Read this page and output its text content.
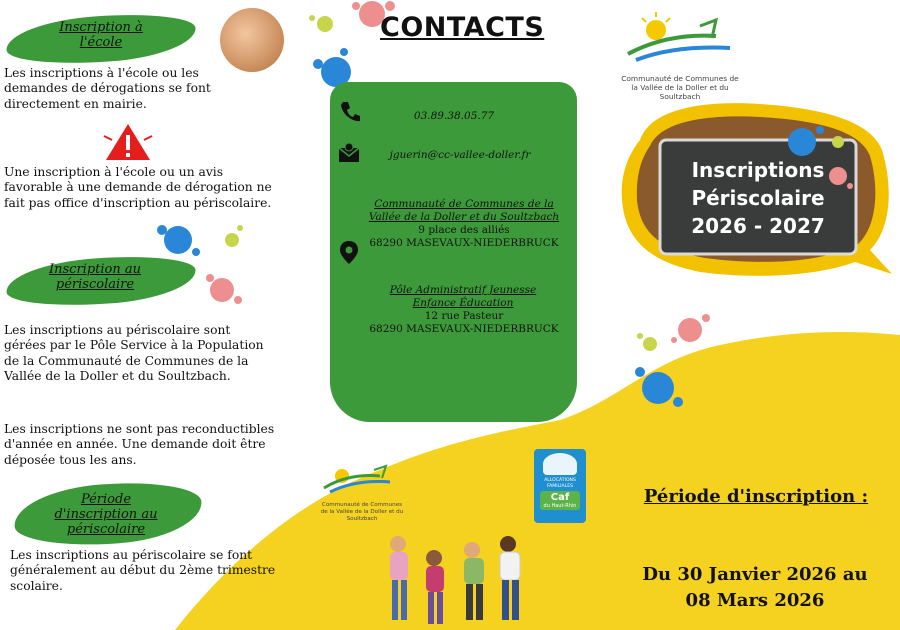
Inscription à l'école
Les inscriptions à l'école ou les demandes de dérogations se font directement en mairie.
Une inscription à l'école ou un avis favorable à une demande de dérogation ne fait pas office d'inscription au périscolaire.
Inscription au périscolaire
Les inscriptions au périscolaire sont gérées par le Pôle Service à la Population de la Communauté de Communes de la Vallée de la Doller et du Soultzbach.
Les inscriptions ne sont pas reconductibles d'année en année. Une demande doit être déposée tous les ans.
Période d'inscription au périscolaire
Les inscriptions au périscolaire se font généralement au début du 2ème trimestre scolaire.
CONTACTS
03.89.38.05.77
jguerin@cc-vallee-doller.fr
Communauté de Communes de la Vallée de la Doller et du Soultzbach
9 place des alliés
68290 MASEVAUX-NIEDERBRUCK
Pôle Administratif Jeunesse Enfance Éducation
12 rue Pasteur
68290 MASEVAUX-NIEDERBRUCK
Communauté de Communes de la Vallée de la Doller et du Soultzbach
ALLOCATIONS FAMILIALES
Caf
du Haut-Rhin
Communauté de Communes de la Vallée de la Doller et du Soultzbach
Inscriptions
Périscolaire
2026 - 2027
Période d'inscription :
Du 30 Janvier 2026 au
08 Mars 2026
